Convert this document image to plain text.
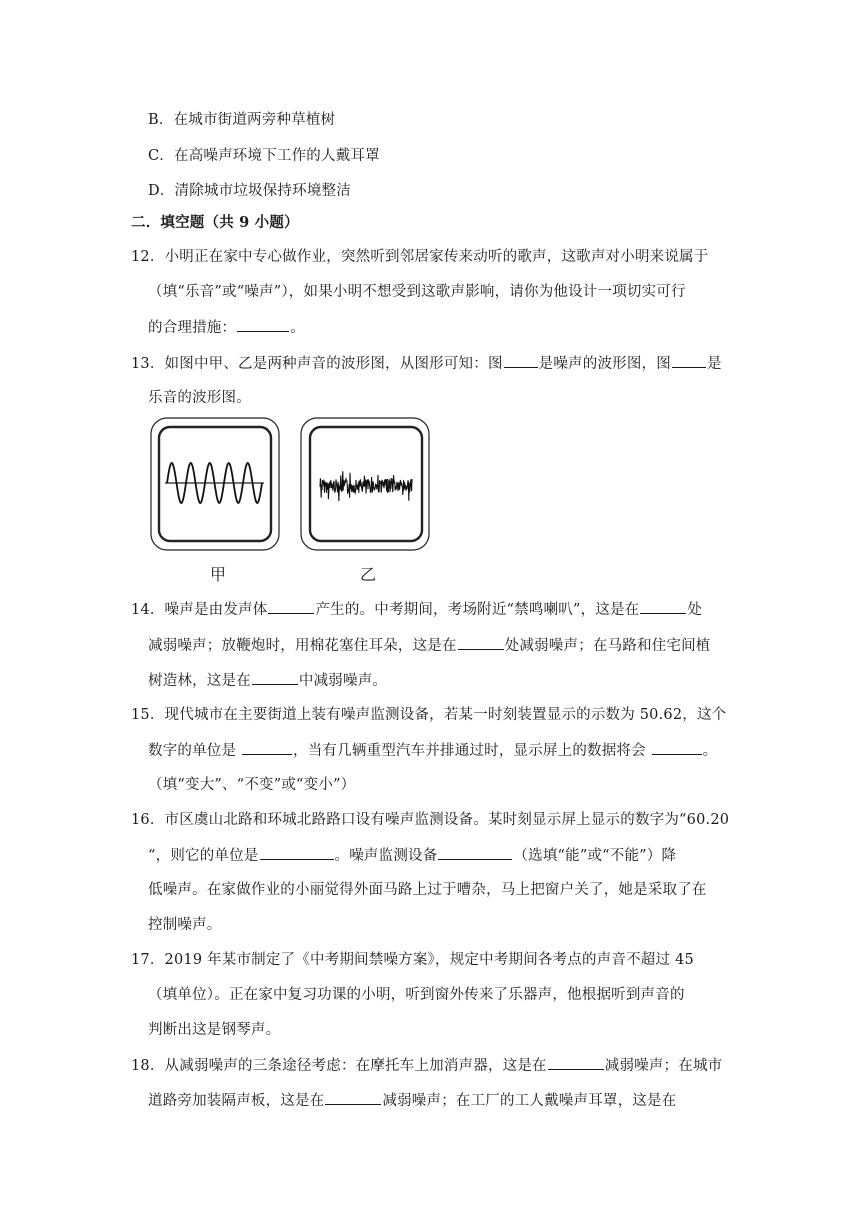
B．在城市街道两旁种草植树
C．在高噪声环境下工作的人戴耳罩
D．清除城市垃圾保持环境整洁
二．填空题（共 9 小题）
12．小明正在家中专心做作业，突然听到邻居家传来动听的歌声，这歌声对小明来说属于
（填“乐音”或“噪声”），如果小明不想受到这歌声影响，请你为他设计一项切实可行
的合理措施：	。
13．如图中甲、乙是两种声音的波形图，从图形可知：图 是噪声的波形图，图 是
乐音的波形图。
甲	乙
14．噪声是由发声体	产生的。中考期间，考场附近“禁鸣喇叭”，这是在	处
减弱噪声；放鞭炮时，用棉花塞住耳朵，这是在	处减弱噪声；在马路和住宅间植
树造林，这是在	中减弱噪声。
15．现代城市在主要街道上装有噪声监测设备，若某一时刻装置显示的示数为 50.62，这个
数字的单位是	，当有几辆重型汽车并排通过时，显示屏上的数据将会	。
（填“变大”、“不变”或“变小”）
16．市区虞山北路和环城北路路口设有噪声监测设备。某时刻显示屏上显示的数字为“60.20
“，则它的单位是	。噪声监测设备	（选填“能”或“不能”）降
低噪声。在家做作业的小丽觉得外面马路上过于嘈杂，马上把窗户关了，她是采取了在
控制噪声。
17．2019 年某市制定了《中考期间禁噪方案》，规定中考期间各考点的声音不超过 45
（填单位）。正在家中复习功课的小明，听到窗外传来了乐器声，他根据听到声音的
判断出这是钢琴声。
18．从减弱噪声的三条途径考虑：在摩托车上加消声器，这是在	减弱噪声；在城市
道路旁加装隔声板，这是在	减弱噪声；在工厂的工人戴噪声耳罩，这是在
